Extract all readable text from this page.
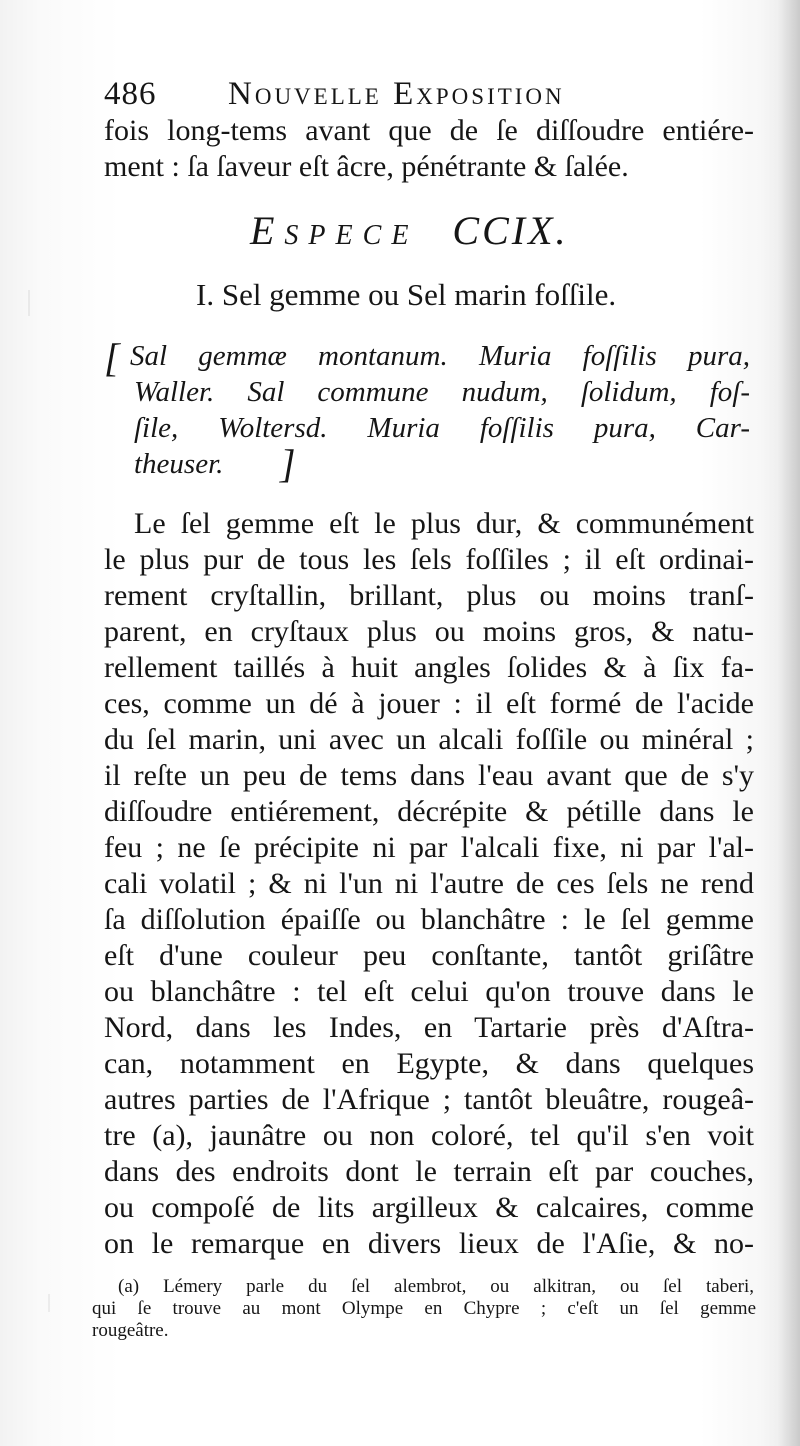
486 Nouvelle Exposition
fois long-tems avant que de ſe diſſoudre entiére-
ment : ſa ſaveur eſt âcre, pénétrante & ſalée.
Espece CCIX.
I. Sel gemme ou Sel marin foſſile.
[ Sal gemmæ montanum. Muria foſſilis pura,
Waller. Sal commune nudum, ſolidum, foſ-
ſile, Woltersd. Muria foſſilis pura, Car-
theuser. ]
Le ſel gemme eſt le plus dur, & communément
le plus pur de tous les ſels foſſiles ; il eſt ordinai-
rement cryſtallin, brillant, plus ou moins tranſ-
parent, en cryſtaux plus ou moins gros, & natu-
rellement taillés à huit angles ſolides & à ſix fa-
ces, comme un dé à jouer : il eſt formé de l'acide
du ſel marin, uni avec un alcali foſſile ou minéral ;
il reſte un peu de tems dans l'eau avant que de s'y
diſſoudre entiérement, décrépite & pétille dans le
feu ; ne ſe précipite ni par l'alcali fixe, ni par l'al-
cali volatil ; & ni l'un ni l'autre de ces ſels ne rend
ſa diſſolution épaiſſe ou blanchâtre : le ſel gemme
eſt d'une couleur peu conſtante, tantôt griſâtre
ou blanchâtre : tel eſt celui qu'on trouve dans le
Nord, dans les Indes, en Tartarie près d'Aſtra-
can, notamment en Egypte, & dans quelques
autres parties de l'Afrique ; tantôt bleuâtre, rougeâ-
tre (a), jaunâtre ou non coloré, tel qu'il s'en voit
dans des endroits dont le terrain eſt par couches,
ou compoſé de lits argilleux & calcaires, comme
on le remarque en divers lieux de l'Aſie, & no-
(a) Lémery parle du ſel alembrot, ou alkitran, ou ſel taberi,
qui ſe trouve au mont Olympe en Chypre ; c'eſt un ſel gemme
rougeâtre.
